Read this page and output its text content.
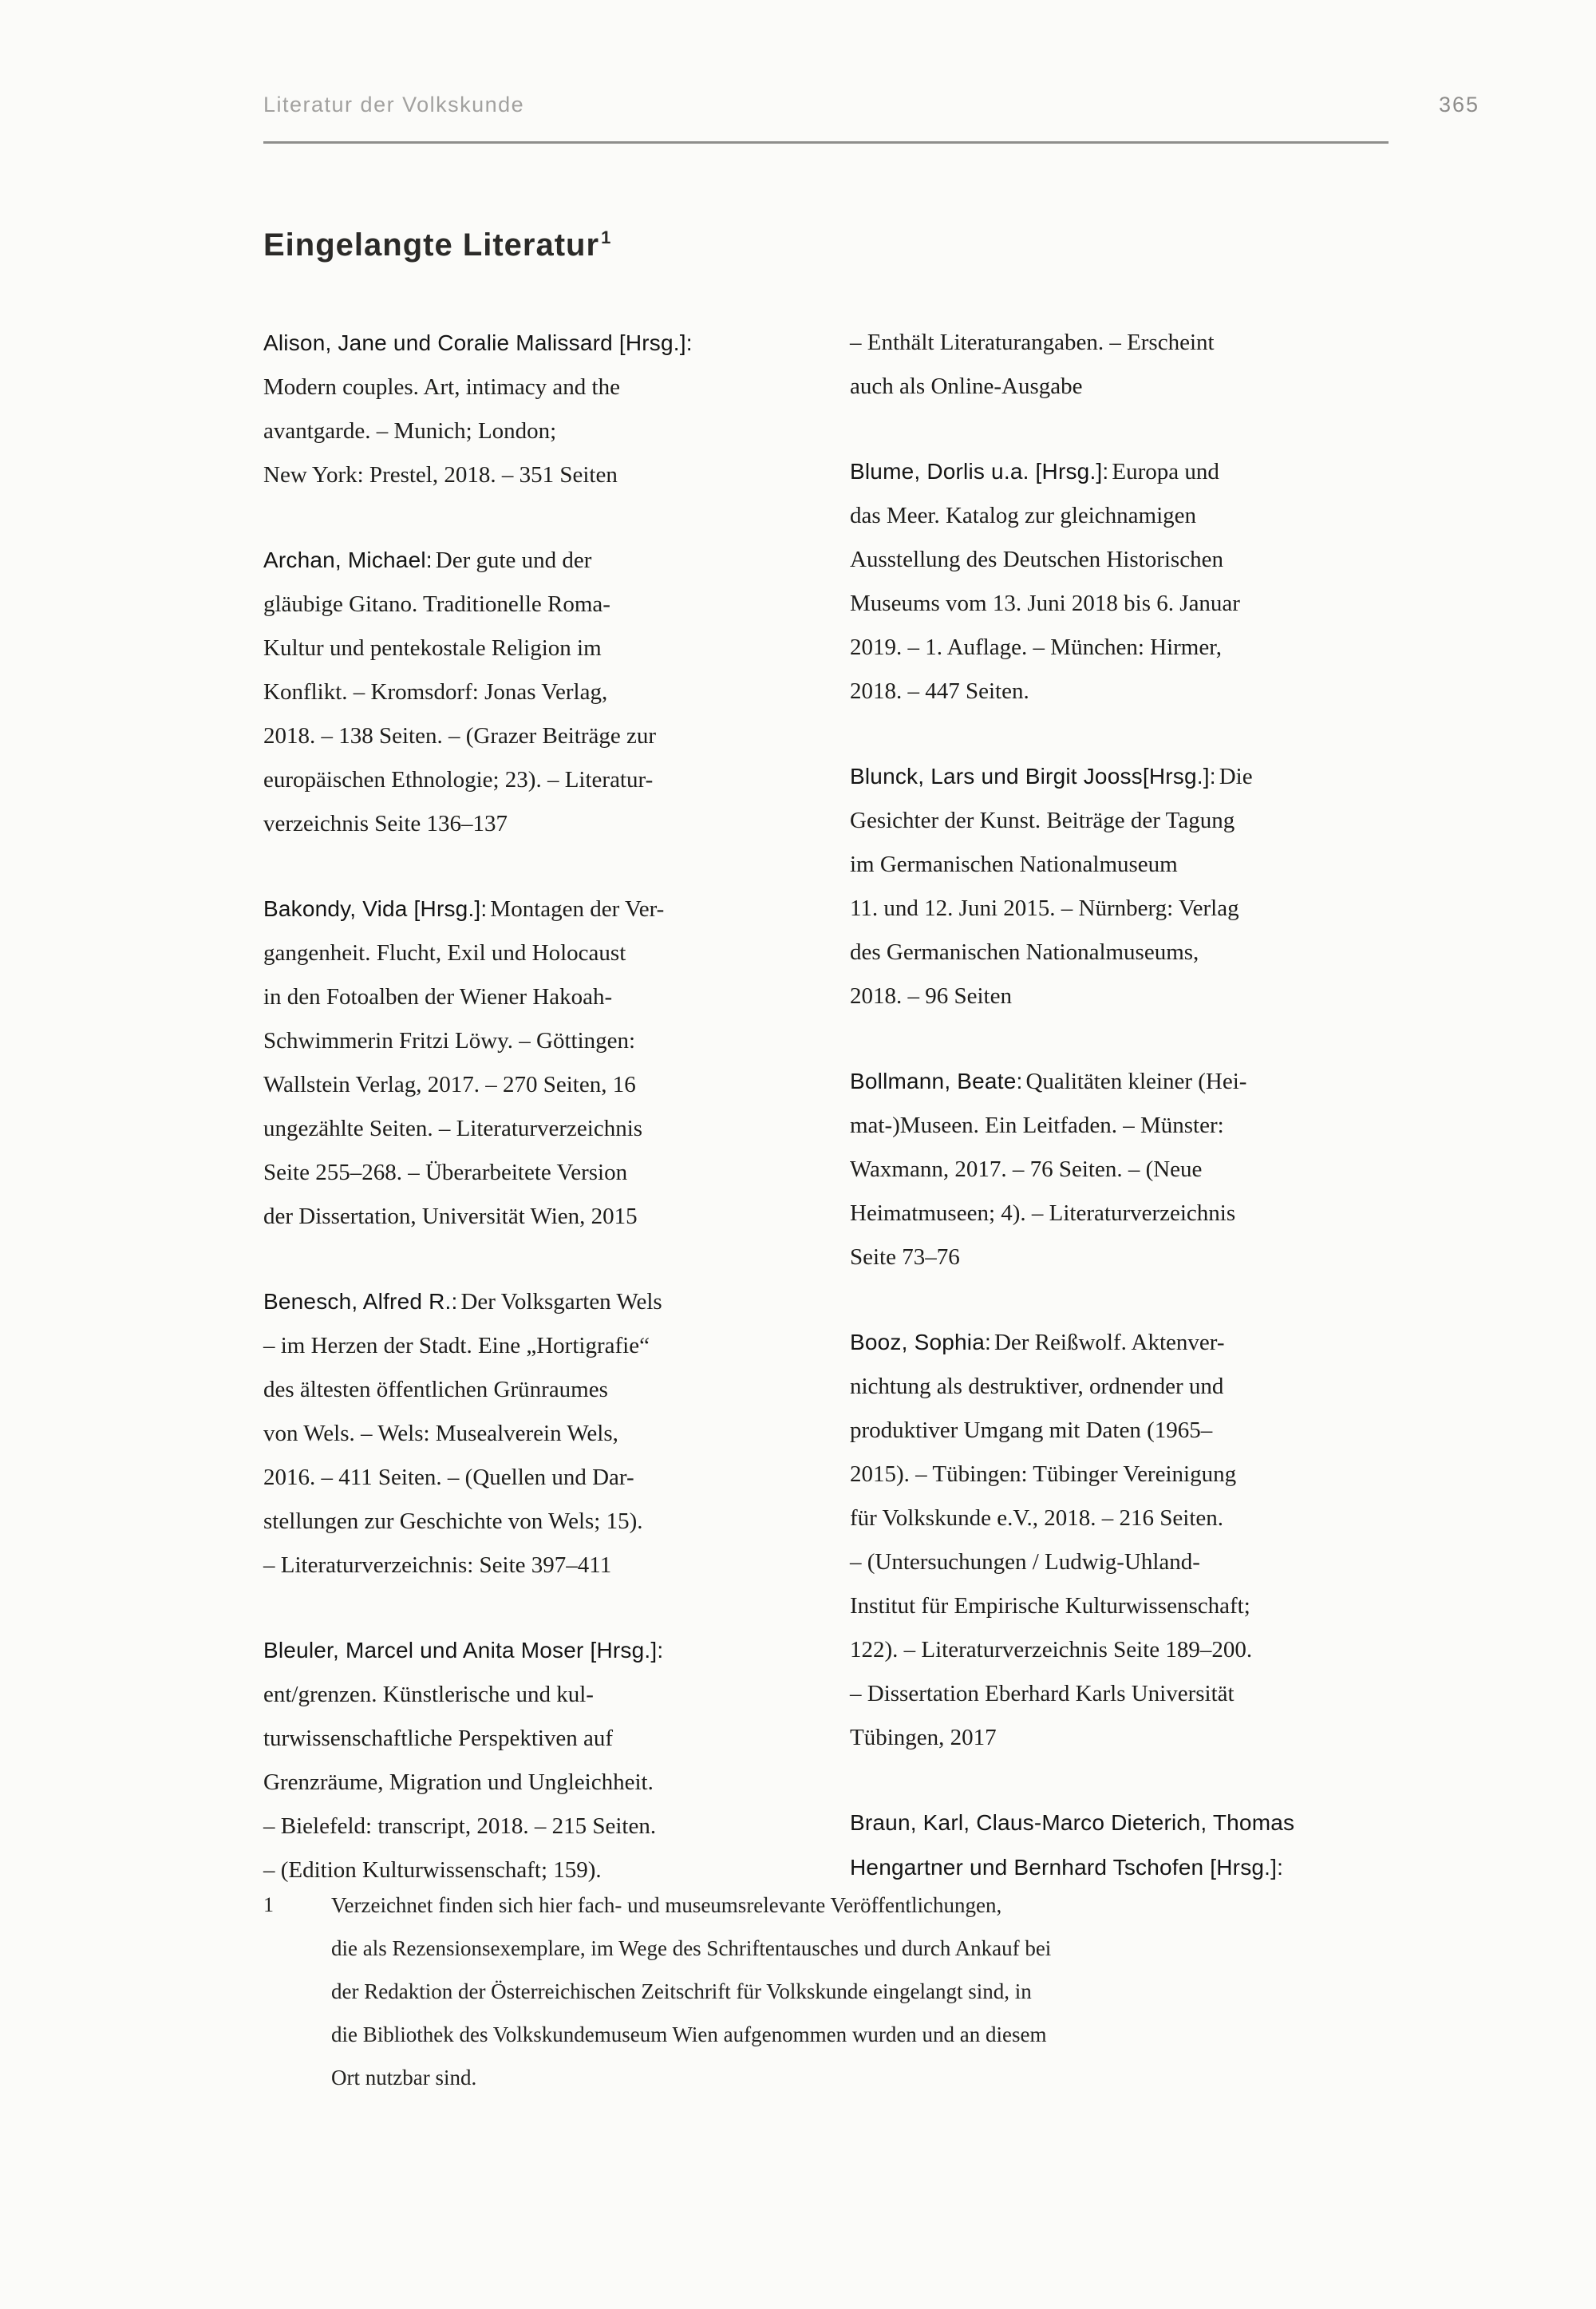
Literatur der Volkskunde	365
Eingelangte Literatur$^1$

Alison, Jane und Coralie Malissard [Hrsg.]:
Modern couples. Art, intimacy and the
avantgarde. – Munich; London;
New York: Prestel, 2018. – 351 Seiten

Archan, Michael: Der gute und der
gläubige Gitano. Traditionelle Roma-
Kultur und pentekostale Religion im
Konflikt. – Kromsdorf: Jonas Verlag,
2018. – 138 Seiten. – (Grazer Beiträge zur
europäischen Ethnologie; 23). – Literatur-
verzeichnis Seite 136–137

Bakondy, Vida [Hrsg.]: Montagen der Ver-
gangenheit. Flucht, Exil und Holocaust
in den Fotoalben der Wiener Hakoah-
Schwimmerin Fritzi Löwy. – Göttingen:
Wallstein Verlag, 2017. – 270 Seiten, 16
ungezählte Seiten. – Literaturverzeichnis
Seite 255–268. – Überarbeitete Version
der Dissertation, Universität Wien, 2015

Benesch, Alfred R.: Der Volksgarten Wels
– im Herzen der Stadt. Eine „Hortigrafie“
des ältesten öffentlichen Grünraumes
von Wels. – Wels: Musealverein Wels,
2016. – 411 Seiten. – (Quellen und Dar-
stellungen zur Geschichte von Wels; 15).
– Literaturverzeichnis: Seite 397–411

Bleuler, Marcel und Anita Moser [Hrsg.]:
ent/grenzen. Künstlerische und kul-
turwissenschaftliche Perspektiven auf
Grenzräume, Migration und Ungleichheit.
– Bielefeld: transcript, 2018. – 215 Seiten.
– (Edition Kulturwissenschaft; 159).

– Enthält Literaturangaben. – Erscheint
auch als Online-Ausgabe

Blume, Dorlis u.a. [Hrsg.]: Europa und
das Meer. Katalog zur gleichnamigen
Ausstellung des Deutschen Historischen
Museums vom 13. Juni 2018 bis 6. Januar
2019. – 1. Auflage. – München: Hirmer,
2018. – 447 Seiten.

Blunck, Lars und Birgit Jooss[Hrsg.]: Die
Gesichter der Kunst. Beiträge der Tagung
im Germanischen Nationalmuseum
11. und 12. Juni 2015. – Nürnberg: Verlag
des Germanischen Nationalmuseums,
2018. – 96 Seiten

Bollmann, Beate: Qualitäten kleiner (Hei-
mat-)Museen. Ein Leitfaden. – Münster:
Waxmann, 2017. – 76 Seiten. – (Neue
Heimatmuseen; 4). – Literaturverzeichnis
Seite 73–76

Booz, Sophia: Der Reißwolf. Aktenver-
nichtung als destruktiver, ordnender und
produktiver Umgang mit Daten (1965–
2015). – Tübingen: Tübinger Vereinigung
für Volkskunde e.V., 2018. – 216 Seiten.
– (Untersuchungen / Ludwig-Uhland-
Institut für Empirische Kulturwissenschaft;
122). – Literaturverzeichnis Seite 189–200.
– Dissertation Eberhard Karls Universität
Tübingen, 2017

Braun, Karl, Claus-Marco Dieterich, Thomas
Hengartner und Bernhard Tschofen [Hrsg.]:

1	Verzeichnet finden sich hier fach- und museumsrelevante Veröffentlichungen,
die als Rezensionsexemplare, im Wege des Schriftentausches und durch Ankauf bei
der Redaktion der Österreichischen Zeitschrift für Volkskunde eingelangt sind, in
die Bibliothek des Volkskundemuseum Wien aufgenommen wurden und an diesem
Ort nutzbar sind.
